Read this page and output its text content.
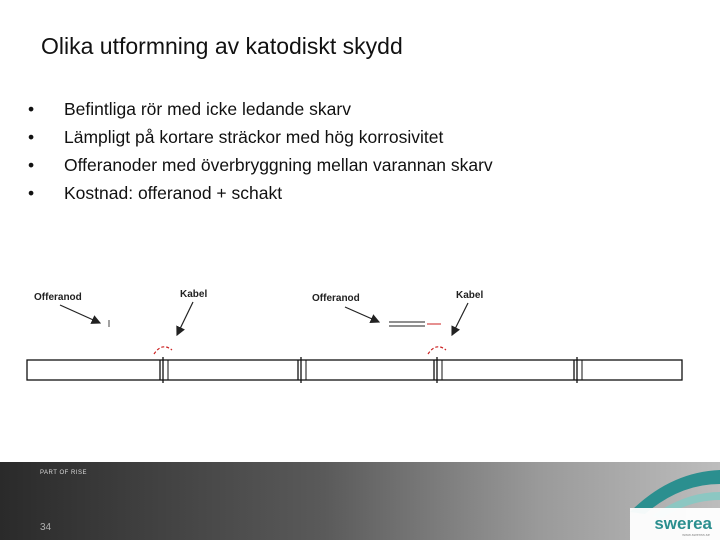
Olika utformning av katodiskt skydd
• Befintliga rör med icke ledande skarv
• Lämpligt på kortare sträckor med hög korrosivitet
• Offeranoder med överbryggning mellan varannan skarv
• Kostnad: offeranod + schakt
Offeranod	Kabel	Offeranod	Kabel
PART OF RISE
34	swerea
www.swerea.se
